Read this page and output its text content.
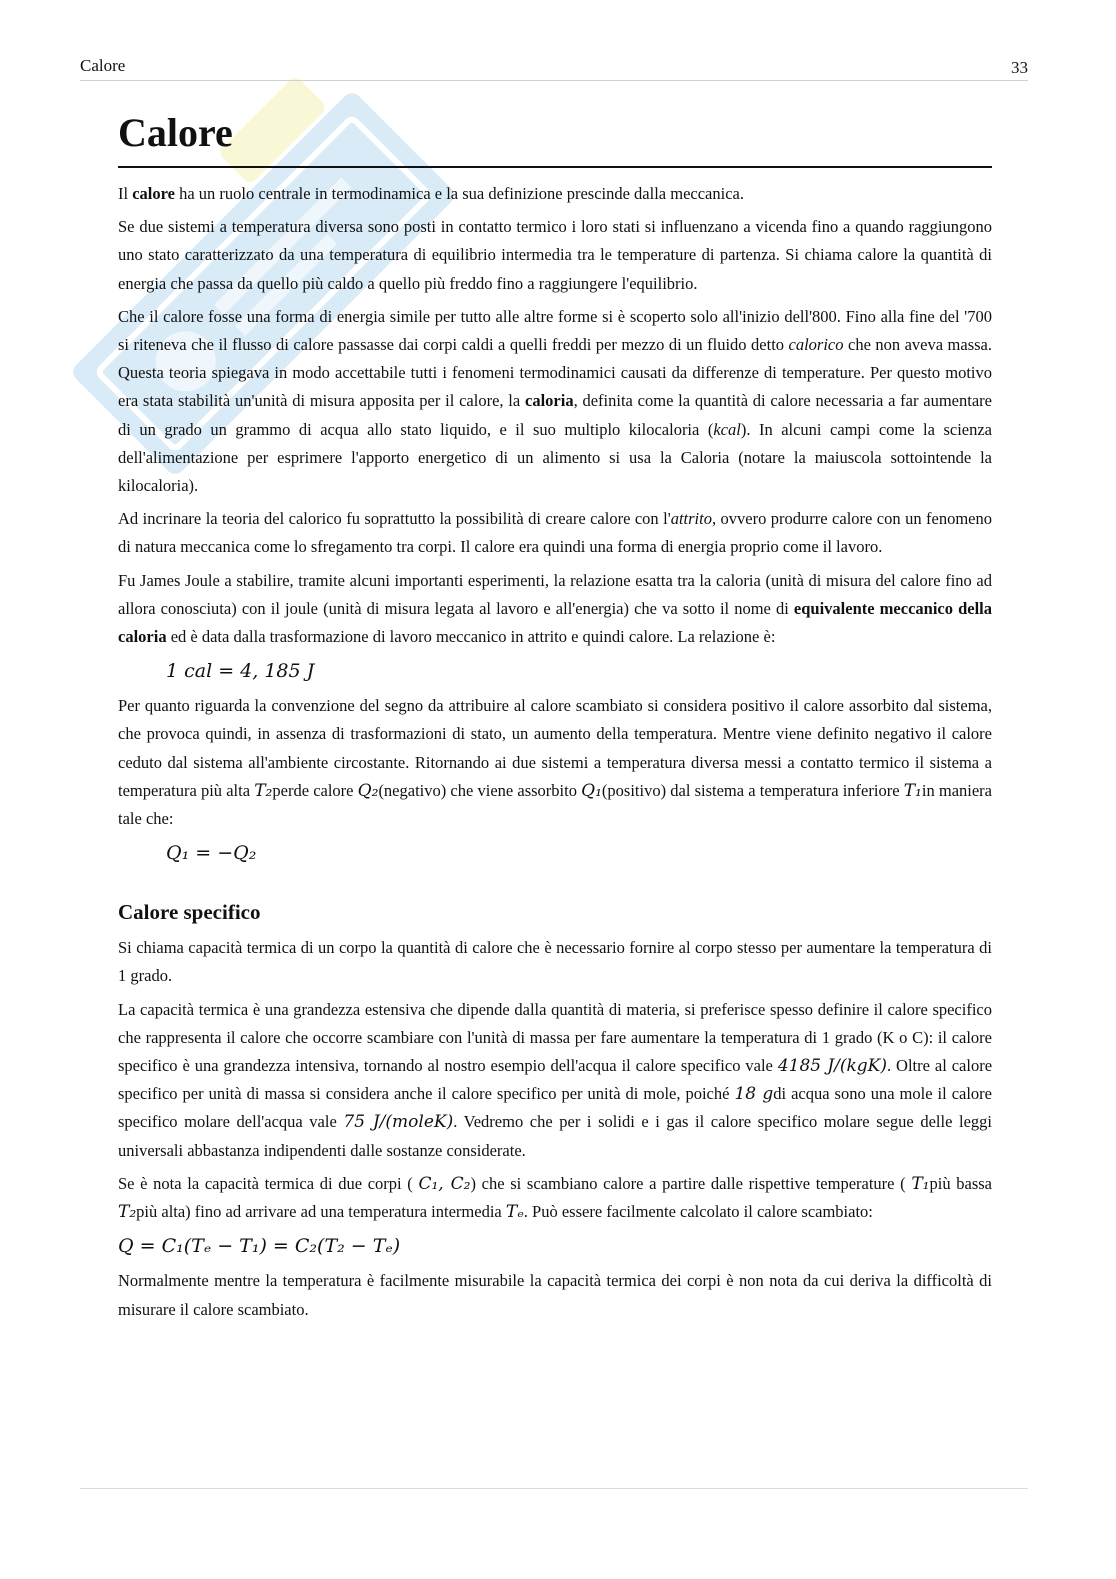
Calore	33
Calore

Il calore ha un ruolo centrale in termodinamica e la sua definizione prescinde dalla meccanica.

Se due sistemi a temperatura diversa sono posti in contatto termico i loro stati si influenzano a vicenda fino a quando raggiungono uno stato caratterizzato da una temperatura di equilibrio intermedia tra le temperature di partenza. Si chiama calore la quantità di energia che passa da quello più caldo a quello più freddo fino a raggiungere l'equilibrio.

Che il calore fosse una forma di energia simile per tutto alle altre forme si è scoperto solo all'inizio dell'800. Fino alla fine del '700 si riteneva che il flusso di calore passasse dai corpi caldi a quelli freddi per mezzo di un fluido detto calorico che non aveva massa. Questa teoria spiegava in modo accettabile tutti i fenomeni termodinamici causati da differenze di temperature. Per questo motivo era stata stabilità un'unità di misura apposita per il calore, la caloria, definita come la quantità di calore necessaria a far aumentare di un grado un grammo di acqua allo stato liquido, e il suo multiplo kilocaloria (kcal). In alcuni campi come la scienza dell'alimentazione per esprimere l'apporto energetico di un alimento si usa la Caloria (notare la maiuscola sottointende la kilocaloria).

Ad incrinare la teoria del calorico fu soprattutto la possibilità di creare calore con l'attrito, ovvero produrre calore con un fenomeno di natura meccanica come lo sfregamento tra corpi. Il calore era quindi una forma di energia proprio come il lavoro.

Fu James Joule a stabilire, tramite alcuni importanti esperimenti, la relazione esatta tra la caloria (unità di misura del calore fino ad allora conosciuta) con il joule (unità di misura legata al lavoro e all'energia) che va sotto il nome di equivalente meccanico della caloria ed è data dalla trasformazione di lavoro meccanico in attrito e quindi calore. La relazione è:

1 cal = 4, 185 J

Per quanto riguarda la convenzione del segno da attribuire al calore scambiato si considera positivo il calore assorbito dal sistema, che provoca quindi, in assenza di trasformazioni di stato, un aumento della temperatura. Mentre viene definito negativo il calore ceduto dal sistema all'ambiente circostante. Ritornando ai due sistemi a temperatura diversa messi a contatto termico il sistema a temperatura più alta T₂perde calore Q₂(negativo) che viene assorbito Q₁(positivo) dal sistema a temperatura inferiore T₁in maniera tale che:

Q₁ = −Q₂
Calore specifico

Si chiama capacità termica di un corpo la quantità di calore che è necessario fornire al corpo stesso per aumentare la temperatura di 1 grado.

La capacità termica è una grandezza estensiva che dipende dalla quantità di materia, si preferisce spesso definire il calore specifico che rappresenta il calore che occorre scambiare con l'unità di massa per fare aumentare la temperatura di 1 grado (K o C): il calore specifico è una grandezza intensiva, tornando al nostro esempio dell'acqua il calore specifico vale 4185 J/(kgK). Oltre al calore specifico per unità di massa si considera anche il calore specifico per unità di mole, poiché 18 gdi acqua sono una mole il calore specifico molare dell'acqua vale 75 J/(moleK). Vedremo che per i solidi e i gas il calore specifico molare segue delle leggi universali abbastanza indipendenti dalle sostanze considerate.

Se è nota la capacità termica di due corpi ( C₁, C₂) che si scambiano calore a partire dalle rispettive temperature ( T₁più bassa T₂più alta) fino ad arrivare ad una temperatura intermedia Tₑ. Può essere facilmente calcolato il calore scambiato:

Q = C₁(Tₑ − T₁) = C₂(T₂ − Tₑ)

Normalmente mentre la temperatura è facilmente misurabile la capacità termica dei corpi è non nota da cui deriva la difficoltà di misurare il calore scambiato.
